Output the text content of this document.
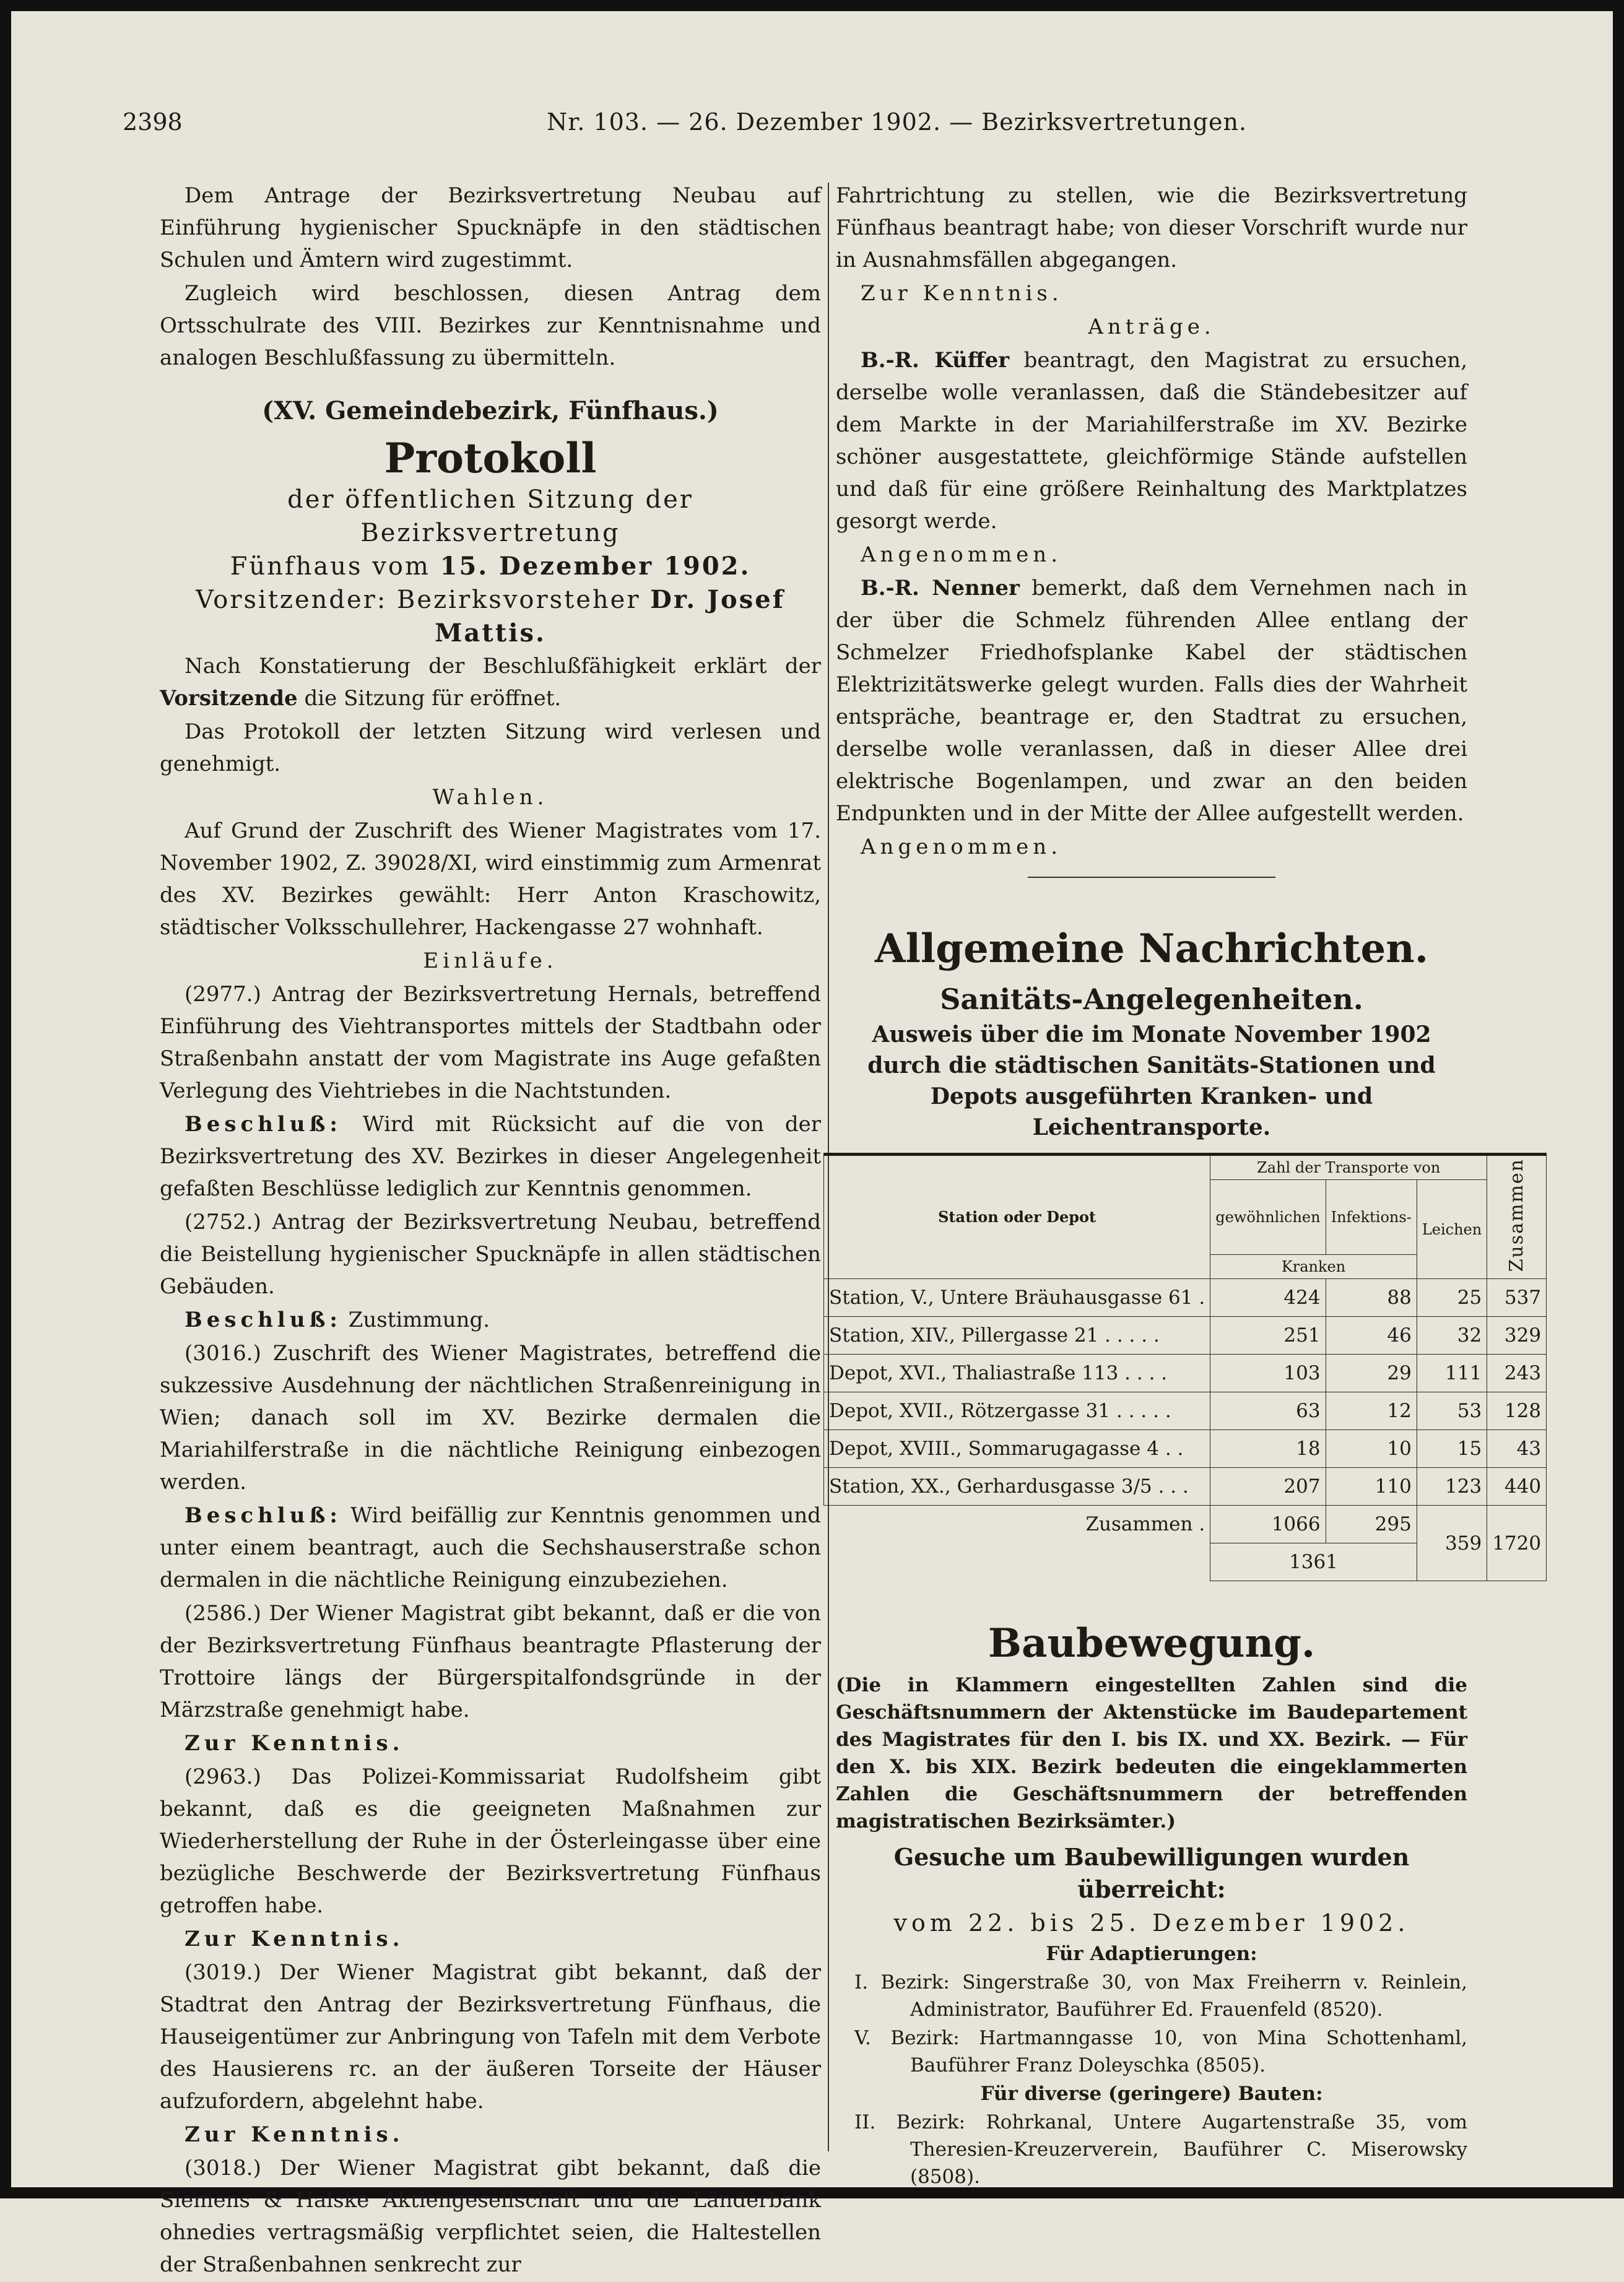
2398	Nr. 103. — 26. Dezember 1902. — Bezirksvertretungen.

Dem Antrage der Bezirksvertretung Neubau auf Einführung hygienischer Spucknäpfe in den städtischen Schulen und Ämtern wird zugestimmt.

Zugleich wird beschlossen, diesen Antrag dem Ortsschulrate des VIII. Bezirkes zur Kenntnisnahme und analogen Beschlußfassung zu übermitteln.

(XV. Gemeindebezirk, Fünfhaus.)
Protokoll
der öffentlichen Sitzung der Bezirksvertretung
Fünfhaus vom 15. Dezember 1902.
Vorsitzender: Bezirksvorsteher Dr. Josef Mattis.

Nach Konstatierung der Beschlußfähigkeit erklärt der Vorsitzende die Sitzung für eröffnet.

Das Protokoll der letzten Sitzung wird verlesen und genehmigt.

Wahlen.

Auf Grund der Zuschrift des Wiener Magistrates vom 17. November 1902, Z. 39028/XI, wird einstimmig zum Armenrat des XV. Bezirkes gewählt: Herr Anton Kraschowitz, städtischer Volksschullehrer, Hackengasse 27 wohnhaft.

Einläufe.

(2977.) Antrag der Bezirksvertretung Hernals, betreffend Einführung des Viehtransportes mittels der Stadtbahn oder Straßenbahn anstatt der vom Magistrate ins Auge gefaßten Verlegung des Viehtriebes in die Nachtstunden.

Beschluß: Wird mit Rücksicht auf die von der Bezirksvertretung des XV. Bezirkes in dieser Angelegenheit gefaßten Beschlüsse lediglich zur Kenntnis genommen.

(2752.) Antrag der Bezirksvertretung Neubau, betreffend die Beistellung hygienischer Spucknäpfe in allen städtischen Gebäuden.

Beschluß: Zustimmung.

(3016.) Zuschrift des Wiener Magistrates, betreffend die sukzessive Ausdehnung der nächtlichen Straßenreinigung in Wien; danach soll im XV. Bezirke dermalen die Mariahilferstraße in die nächtliche Reinigung einbezogen werden.

Beschluß: Wird beifällig zur Kenntnis genommen und unter einem beantragt, auch die Sechshauserstraße schon dermalen in die nächtliche Reinigung einzubeziehen.

(2586.) Der Wiener Magistrat gibt bekannt, daß er die von der Bezirksvertretung Fünfhaus beantragte Pflasterung der Trottoire längs der Bürgerspitalfondsgründe in der Märzstraße genehmigt habe.

Zur Kenntnis.

(2963.) Das Polizei-Kommissariat Rudolfsheim gibt bekannt, daß es die geeigneten Maßnahmen zur Wiederherstellung der Ruhe in der Österleingasse über eine bezügliche Beschwerde der Bezirksvertretung Fünfhaus getroffen habe.

Zur Kenntnis.

(3019.) Der Wiener Magistrat gibt bekannt, daß der Stadtrat den Antrag der Bezirksvertretung Fünfhaus, die Hauseigentümer zur Anbringung von Tafeln mit dem Verbote des Hausierens rc. an der äußeren Torseite der Häuser aufzufordern, abgelehnt habe.

Zur Kenntnis.

(3018.) Der Wiener Magistrat gibt bekannt, daß die Siemens & Halske Aktiengesellschaft und die Länderbank ohnedies vertragsmäßig verpflichtet seien, die Haltestellen der Straßenbahnen senkrecht zur

Fahrtrichtung zu stellen, wie die Bezirksvertretung Fünfhaus beantragt habe; von dieser Vorschrift wurde nur in Ausnahmsfällen abgegangen.

Zur Kenntnis.

Anträge.

B.-R. Küffer beantragt, den Magistrat zu ersuchen, derselbe wolle veranlassen, daß die Ständebesitzer auf dem Markte in der Mariahilferstraße im XV. Bezirke schöner ausgestattete, gleichförmige Stände aufstellen und daß für eine größere Reinhaltung des Marktplatzes gesorgt werde.

Angenommen.

B.-R. Nenner bemerkt, daß dem Vernehmen nach in der über die Schmelz führenden Allee entlang der Schmelzer Friedhofsplanke Kabel der städtischen Elektrizitätswerke gelegt wurden. Falls dies der Wahrheit entspräche, beantrage er, den Stadtrat zu ersuchen, derselbe wolle veranlassen, daß in dieser Allee drei elektrische Bogenlampen, und zwar an den beiden Endpunkten und in der Mitte der Allee aufgestellt werden.

Angenommen.

Allgemeine Nachrichten.
Sanitäts-Angelegenheiten.

Ausweis über die im Monate November 1902 durch die städtischen Sanitäts-Stationen und Depots ausgeführten Kranken- und Leichentransporte.

Station oder Depot	Zahl der Transporte von			Zusammen
	gewöhnlichen	Infektions-	Leichen	
	Kranken			
Station, V., Untere Bräuhausgasse 61 .	424	88	25	537
Station, XIV., Pillergasse 21 . . . . .	251	46	32	329
Depot, XVI., Thaliastraße 113 . . . .	103	29	111	243
Depot, XVII., Rötzergasse 31 . . . . .	63	12	53	128
Depot, XVIII., Sommarugagasse 4 . .	18	10	15	43
Station, XX., Gerhardusgasse 3/5 . . .	207	110	123	440
Zusammen .	1066	295	359	1720
	1361			
Baubewegung.

(Die in Klammern eingestellten Zahlen sind die Geschäftsnummern der Aktenstücke im Baudepartement des Magistrates für den I. bis IX. und XX. Bezirk. — Für den X. bis XIX. Bezirk bedeuten die eingeklammerten Zahlen die Geschäftsnummern der betreffenden magistratischen Bezirksämter.)

Gesuche um Baubewilligungen wurden überreicht:

vom 22. bis 25. Dezember 1902.

Für Adaptierungen:

I. Bezirk: Singerstraße 30, von Max Freiherrn v. Reinlein, Administrator, Bauführer Ed. Frauenfeld (8520).

V. Bezirk: Hartmanngasse 10, von Mina Schottenhaml, Bauführer Franz Doleyschka (8505).

Für diverse (geringere) Bauten:

II. Bezirk: Rohrkanal, Untere Augartenstraße 35, vom Theresien-Kreuzerverein, Bauführer C. Miserowsky (8508).
